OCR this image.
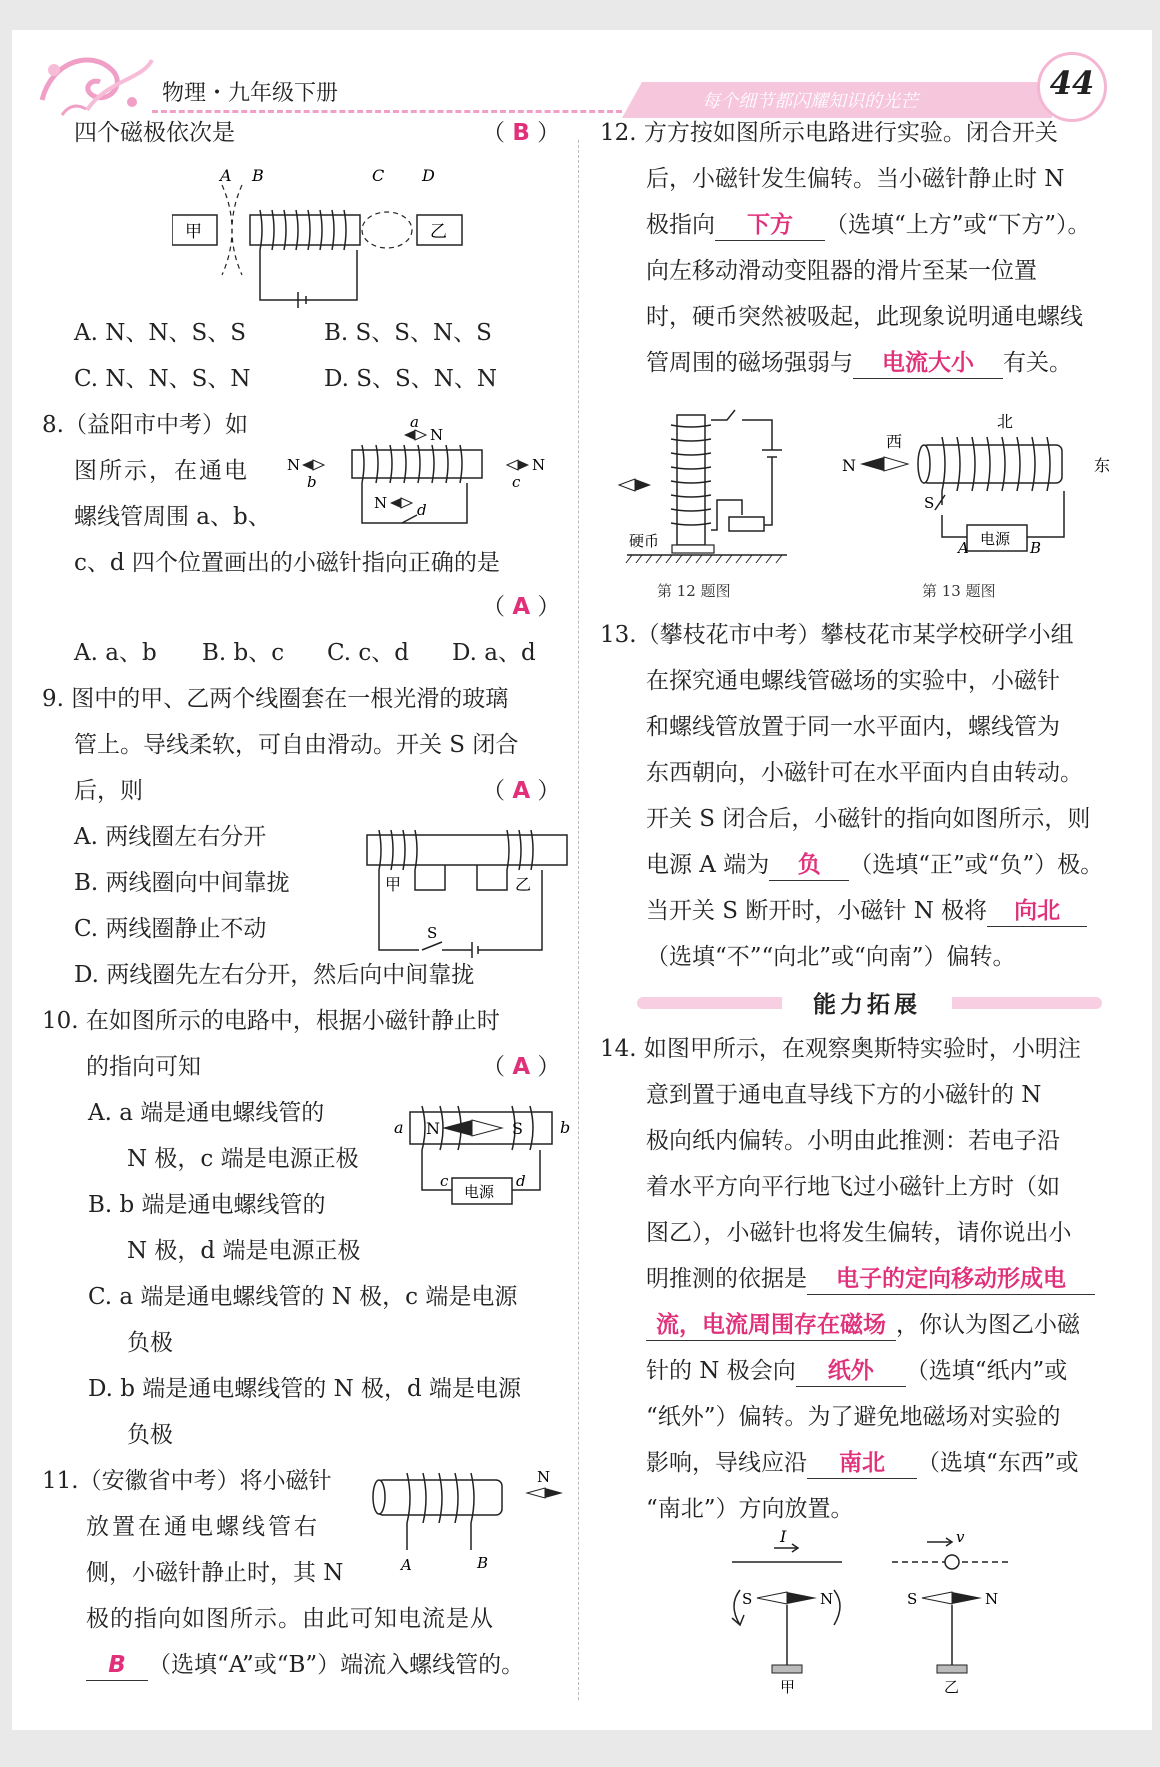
物理・九年级下册	每个细节都闪耀知识的光芒	44
四个磁极依次是	（ B ）
A B	C D
甲	乙
A. N、N、S、S	B. S、S、N、S
C. N、N、S、N	D. S、S、N、N
8.（益阳市中考）如
图所示，在通电
螺线管周围 a、b、
c、d 四个位置画出的小磁针指向正确的是
（ A ）
a
N
N
b	c
N
N d
A. a、b B. b、c C. c、d D. a、d
9. 图中的甲、乙两个线圈套在一根光滑的玻璃
管上。导线柔软，可自由滑动。开关 S 闭合
后，则	（ A ）
A. 两线圈左右分开
B. 两线圈向中间靠拢
C. 两线圈静止不动
D. 两线圈先左右分开，然后向中间靠拢
甲	乙
S
10. 在如图所示的电路中，根据小磁针静止时
的指向可知	（ A ）
A. a 端是通电螺线管的
N 极，c 端是电源正极
B. b 端是通电螺线管的
N 极，d 端是电源正极
C. a 端是通电螺线管的 N 极，c 端是电源
负极
D. b 端是通电螺线管的 N 极，d 端是电源
负极
a N	S b
c
电源
d
11.（安徽省中考）将小磁针
放置在通电螺线管右
侧，小磁针静止时，其 N
极的指向如图所示。由此可知电流是从
B （选填“A”或“B”）端流入螺线管的。
N
A	B
12. 方方按如图所示电路进行实验。闭合开关
后，小磁针发生偏转。当小磁针静止时 N
极指向 下方 （选填“上方”或“下方”）。
向左移动滑动变阻器的滑片至某一位置
时，硬币突然被吸起，此现象说明通电螺线
管周围的磁场强弱与 电流大小 有关。
硬币
第 12 题图
北
西
N	东
S
A 电源 B
第 13 题图
13.（攀枝花市中考）攀枝花市某学校研学小组
在探究通电螺线管磁场的实验中，小磁针
和螺线管放置于同一水平面内，螺线管为
东西朝向，小磁针可在水平面内自由转动。
开关 S 闭合后，小磁针的指向如图所示，则
电源 A 端为 负 （选填“正”或“负”）极。
当开关 S 断开时，小磁针 N 极将 向北
（选填“不”“向北”或“向南”）偏转。
能力拓展
14. 如图甲所示，在观察奥斯特实验时，小明注
意到置于通电直导线下方的小磁针的 N
极向纸内偏转。小明由此推测：若电子沿
着水平方向平行地飞过小磁针上方时（如
图乙），小磁针也将发生偏转，请你说出小
明推测的依据是 电子的定向移动形成电
流，电流周围存在磁场 ，你认为图乙小磁
针的 N 极会向 纸外 （选填“纸内”或
“纸外”）偏转。为了避免地磁场对实验的
影响，导线应沿 南北 （选填“东西”或
“南北”）方向放置。
I	v
S	N	S	N
甲	乙
